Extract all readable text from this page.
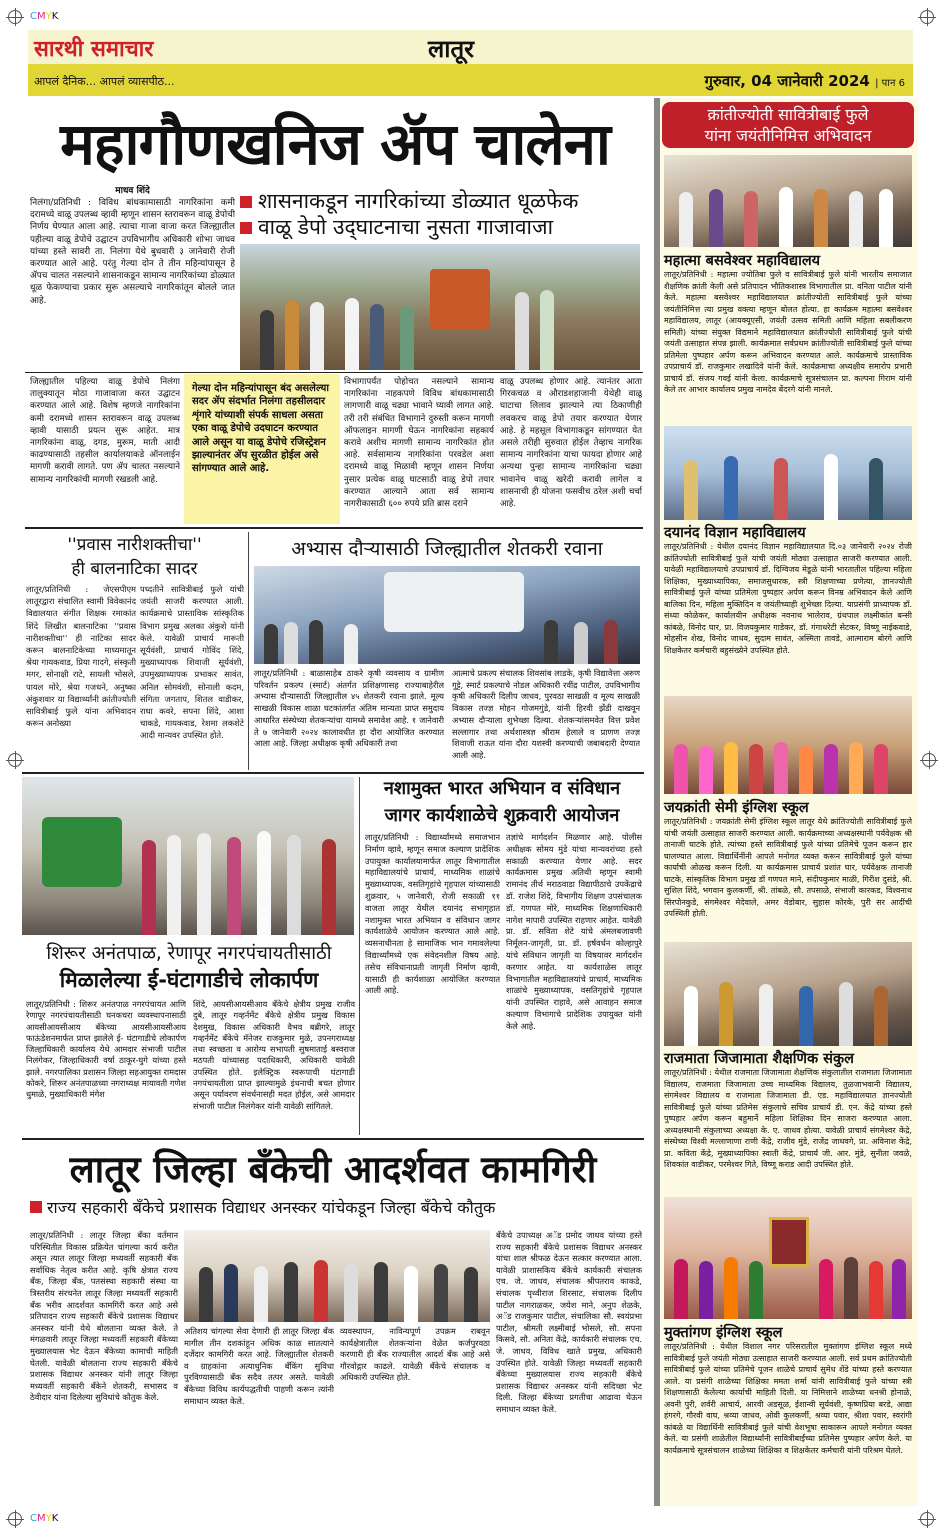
CMYK
CMYK
सारथी समाचार	लातूर
आपलं दैनिक... आपलं व्यासपीठ...	गुरुवार, 04 जानेवारी 2024 | पान 6
महागौणखनिज ॲप चालेना
माधव शिंदे
निलंगा/प्रतिनिधी : विविध बांधकामासाठी नागरिकांना कमी दरामध्ये वाळू उपलब्ध व्हावी म्हणून शासन स्तरावरून वाळू डेपोची निर्णय घेण्यात आला आहे. त्याचा गाजा वाजा करत जिल्ह्यातील पहील्या वाळू डेपोचे उद्घाटन उपविभागीय अधिकारी शोभा जाधव यांच्या हस्ते सावरी ता. निलंगा येथे बुधवारी ३ जानेवारी रोजी करण्यात आले आहे. परंतु गेल्या दोन ते तीन महिन्यांपासून हे ॲपच चालत नसल्याने शासनाकडून सामान्य नागरिकांच्या डोळ्यात धूळ फेकण्याचा प्रकार सुरू असल्याचे नागरिकांतून बोलले जात आहे.
शासनाकडून नागरिकांच्या डोळ्यात धूळफेक
वाळू डेपो उद्‌घाटनाचा नुसता गाजावाजा
जिल्ह्यातील पहिल्या वाळू डेपोचे निलंगा तालुक्यातून मोठा गाजावाजा करत उद्घाटन करण्यात आले आहे. विशेष म्हणजे नागरिकांना कमी दरामध्ये शासन स्तरावरून वाळू उपलब्ध व्हावी यासाठी प्रयत्न सुरू आहेत. मात्र नागरिकांना वाळू, दगड, मुरूम, माती आदी काढण्यासाठी तहसील कार्यालयाकडे ऑनलाईन मागणी करावी लागते. पण ॲप चालत नसल्याने सामान्य नागरिकांची मागणी रखडली आहे.
गेल्या दोन महिन्यांपासून बंद असलेल्या सदर ॲप संदर्भात निलंगा तहसीलदार शृंगारे यांच्याशी संपर्क साधला असता एका वाळू डेपोचे उदघाटन करण्यात आले असून या वाळू डेपोचे रजिस्ट्रेशन झाल्यानंतर ॲप सुरळीत होईल असे सांगण्यात आले आहे.
विभागापर्यंत पोहोचत नसल्याने सामान्य नागरिकांना नाहकपणे विविध बांधकामासाठी लागणारी वाळू चढ्या भावाने घ्यावी लागत आहे. तरी तरी संबंधित विभागाने दुरुस्ती करून मागणी ऑफलाइन मागणी घेऊन नागरिकांना सहकार्य करावे अशीच मागणी सामान्य नागरिकांत होत आहे. सर्वसामान्य नागरिकांना परवडेल अशा दरामध्ये वाळू मिळावी म्हणून शासन निर्णया नुसार प्रत्येक वाळू घाटसाठी वाळू डेपो तयार करण्यात आल्याने आता सर्व सामान्य नागरीकासाठी ६०० रुपये प्रति ब्रास दराने
वाळू उपलब्ध होणार आहे. त्यानंतर आता गिरकचळ व औराडशहाजानी येथेही वाळू घाटाचा लिलाव झाल्याने त्या ठिकाणीही लवकरच वाळू डेपो तयार करण्यात येणार आहे. हे महसूल विभागाकडून सांगण्यात येत असले तरीही सुरुवात होईल तेव्हाच नागरिक सामान्य नागरिकांना याचा फायदा होणार आहे अन्यथा पुन्हा सामान्य नागरिकांना चढ्या भावानेच वाळू खरेदी करावी लागेल व शासनाची ही योजना फसवीच ठरेल अशी चर्चा आहे.
''प्रवास नारीशक्तीचा''
ही बालनाटिका सादर
लातूर/प्रतिनिधी : जेएसपीएम लातूरद्वारा संचालित स्वामी विवेकानंद विद्यालयात संगीत शिक्षक रमाकांत शिंदे लिखीत बालनाटिका ''प्रवास नारीशक्तीचा'' ही नाटिका सादर करून बालनाटिकेच्या माध्यमातून श्रेया गायकवाड, प्रिया गादगे, संस्कृती मगर, सोनाक्षी राटे, सायली भोसले, पायल मोरे, श्रेया गजधने, अनुष्का अंकुशवार या विद्यार्थ्यांनी क्रांतीज्योती सावित्रीबाई फुले यांना अभिवादन करून अनोख्या
पध्दतीने सावित्रीबाई फुले यांची जयंती साजरी करण्यात आली. कार्यक्रमाचे प्रास्ताविक सांस्कृतिक विभाग प्रमुख अलका अंकुशे यांनी केले. यावेळी प्राचार्य मारूती सूर्यवंशी, प्राचार्य गोविंद शिंदे, मुख्याध्यापक शिवाजी सूर्यवंशी, उपमुख्याध्यापक प्रभाकर सावंत, अनिल सोमवंशी, सोनाली कदम, संगिता जगताप, शितल वाडीकर, राधा कवरे, सपना शिंदे, आशा चाकडे, गायकवाड, रेशमा लकशेटे आदी मान्यवर उपस्थित होते.
अभ्यास दौऱ्यासाठी जिल्ह्यातील शेतकरी रवाना
लातूर/प्रतिनिधी : बाळासाहेब ठाकरे कृषी व्यवसाय व ग्रामीण परिवर्तन प्रकल्प (स्मार्ट) अंतर्गत प्रशिक्षणासह राज्याबाहेरील अभ्यास दौऱ्यासाठी जिल्ह्यातील ४५ शेतकरी रवाना झाले. मूल्य साखळी विकास शाळा घटकांतर्गत अंतिम मान्यता प्राप्त समुदाय आधारित संस्थेच्या शेतकऱ्यांचा यामध्ये समावेश आहे. १ जानेवारी ते ७ जानेवारी २०२४ कालावधीत हा दौरा आयोजित करण्यात आला आहे. जिल्हा अधीक्षक कृषी अधिकारी तथा
आत्माचे प्रकल्प संचालक शिवसांब लाडके, कृषी विद्यावेत्ता अरुण गुट्टे, स्मार्ट प्रकल्पाचे नोडल अधिकारी रवींद्र पाटील, उपविभागीय कृषी अधिकारी दिलीप जाधव, पुरवठा साखळी व मूल्य साखळी विकास तज्ज्ञ मोहन गोजमगुंडे, यांनी हिरवी झेंडी दाखवून अभ्यास दौऱ्याला शुभेच्छा दिल्या. शेतकऱ्यांसमवेत वित्त प्रवेश सल्लागार तथा अर्थशास्त्रज्ञ श्रीराम हेलाले व प्राणण तज्ज्ञ शिवाजी राऊत यांना दौरा यशस्वी करण्याची जबाबदारी देण्यात आली आहे.
शिरूर अनंतपाळ, रेणापूर नगरपंचायतीसाठी
मिळालेल्या ई-घंटागाडीचे लोकार्पण
लातूर/प्रतिनिधी : शिरूर अनंतपाळ नगरपंचायत आणि रेणापूर नगरपंचायतीसाठी घनकचरा व्यवस्थापनासाठी आयसीआयसीआय बँकेच्या आयसीआयसीआय फाऊंडेशनमार्फत प्राप्त झालेले ई- घंटागाडीचे लोकार्पण जिल्हाधिकारी कार्यालय येथे आमदार संभाजी पाटील निलंगेकर, जिल्हाधिकारी वर्षा ठाकूर-घुगे यांच्या हस्ते झाले. नगरपालिका प्रशासन जिल्हा सहआयुक्त रामदास कोकरे, शिरूर अनंतपाळच्या नगराध्यक्ष मायावती गणेश धुमाळे, मुख्याधिकारी मंगेश
शिंदे, आयसीआयसीआय बँकेचे क्षेत्रीय प्रमुख राजीव दुबे, लातूर गव्हर्नमेंट बँकेचे क्षेत्रीय प्रमुख विकास देशमुख, विकास अधिकारी वैभव बब्रीगरे, लातूर गव्हर्नमेंट बँकेचे मॅनेजर राजकुमार मुळे, उपनगराध्यक्ष तथा स्वच्छता व आरोग्य सभापती सुषमाताई बस्वराज मठपती यांच्यासह पदाधिकारी, अधिकारी यावेळी उपस्थित होते. इलेक्ट्रिक स्वरूपाची घंटागाडी नगपंचायतीला प्राप्त झाल्यामुळे इंधनाची बचत होणार असून पर्यावरण संवर्धनासही मदत होईल, असे आमदार संभाजी पाटील निलंगेकर यांनी यावेळी सांगितले.
नशामुक्त भारत अभियान व संविधान
जागर कार्यशाळेचे शुक्रवारी आयोजन
लातूर/प्रतिनिधी : विद्यार्थ्यांमध्ये समाजभान निर्माण व्हावे, म्हणून समाज कल्याण प्रादेशिक उपायुक्त कार्यालयामार्फत लातूर विभागातील महाविद्यालयांचे प्राचार्य, माध्यमिक शाळांचे मुख्याध्यापक, वसतिगृहांचे गृहपाल यांच्यासाठी शुक्रवार, ५ जानेवारी, रोजी सकाळी ११ वाजता लातूर येथील दयानंद सभागृहात नशामुक्त भारत अभियान व संविधान जागर कार्यशाळेचे आयोजन करण्यात आले आहे. व्यसनाधीनता हे सामाजिक भान गमावलेल्या विद्यार्थ्यांमध्ये एक संवेदनशील विषय आहे. तसेच संविधानाप्रती जागृती निर्माण व्हावी, यासाठी ही कार्यशाळा आयोजित करण्यात आली आहे.
तज्ञांचे मार्गदर्शन मिळणार आहे. पोलीस अधीक्षक सोमय मुंडे यांचा मान्यवरांच्या हस्ते सकाळी करण्यात येणार आहे. सदर कार्यक्रमास प्रमुख अतिथी म्हणून स्वामी रामानंद तीर्थ मराठवाडा विद्यापीठाचे उपकेंद्राचे डॉ. राजेश शिंदे, विभागीय शिक्षण उपसंचालक डॉ. गणपत मोरे, माध्यमिक शिक्षणाधिकारी नागेश मापारी उपस्थित राहणार आहेत. यावेळी प्रा. डॉ. सविता शेटे यांचे अंमलबजावणी निर्मूलन-जागृती, प्रा. डॉ. हर्षवर्धन कोल्हापुरे यांचे संविधान जागृती या विषयावर मार्गदर्शन करणार आहेत. या कार्यशाळेस लातूर विभागातील महाविद्यालयांचे प्राचार्य, माध्यमिक शाळांचे मुख्याध्यापक, वसतिगृहांचे गृहपाल यांनी उपस्थित राहावे, असे आवाहन समाज कल्याण विभागाचे प्रादेशिक उपायुक्त यांनी केले आहे.
लातूर जिल्हा बँकेची आदर्शवत कामगिरी
राज्य सहकारी बँकेचे प्रशासक विद्याधर अनस्कर यांचेकडून जिल्हा बँकेचे कौतुक
लातूर/प्रतिनिधी : लातूर जिल्हा बँका वर्तमान परिस्थितीत विकास प्रक्रियेत चांगल्या कार्य करीत असून त्यात लातूर जिल्हा मध्यवर्ती सहकारी बँक सर्वाधिक नेतृत्व करीत आहे. कृषि क्षेत्रात राज्य बँक, जिल्हा बँक, पतसंस्था सहकारी संस्था या त्रिस्तरीय संरचनेत लातूर जिल्हा मध्यवर्ती सहकारी बँक भरीव आदर्शवत कामगिरी करत आहे असे प्रतिपादन राज्य सहकारी बँकेचे प्रशासक विद्याधर अनस्कर यांनी येथे बोलताना व्यक्त केले. ते मंगळवारी लातूर जिल्हा मध्यवर्ती सहकारी बँकेच्या मुख्यालयास भेट देऊन बँकेच्या कामाची माहिती घेतली. यावेळी बोलताना राज्य सहकारी बँकेचे प्रशासक विद्याधर अनस्कर यांनी लातूर जिल्हा मध्यवर्ती सहकारी बँकेने शेतकरी, सभासद व ठेवीदार यांना दिलेल्या सुविधांचे कौतुक केले.
अतिशय चांगल्या सेवा देणारी ही लातूर जिल्हा बँक मागील तीन दशकांहून अधिक काळ सातत्याने दर्जेदार कामगिरी करत आहे. जिल्ह्यातील शेतकरी व ग्राहकांना अत्याधुनिक बँकिंग सुविधा पुरविण्यासाठी बँक सदैव तत्पर असते. यावेळी बँकेच्या विविध कार्यपद्धतीची पाहणी करून त्यांनी समाधान व्यक्त केले.
व्यवस्थापन, नाविन्यपूर्ण उपक्रम राबवून कार्यक्षेत्रातील शेतकऱ्यांना वेळेत कर्जपुरवठा करणारी ही बँक राज्यातील आदर्श बँक आहे असे गौरवोद्गार काढले. यावेळी बँकेचे संचालक व अधिकारी उपस्थित होते.
बँकेचे उपाध्यक्ष अॅड प्रमोद जाधव यांच्या हस्ते राज्य सहकारी बँकेचे प्रशासक विद्याधर अनस्कर यांचा शाल श्रीफळ देऊन सत्कार करण्यात आला. यावेळी प्राशासकिय बँकेचे कार्यकारी संचालक एच. जे. जाधव, संचालक श्रीपतराव काकडे, संचालक पृथ्वीराज शिरसाट, संचालक दिलीप पाटील नागराळकर, जयेश माने, अनुप शेळके, अॅड राजकुमार पाटील, संचालिका सौ. स्वयंप्रभा पाटील, श्रीमती लक्ष्मीबाई भोसले, सौ. सपना किसवे, सौ. अनिता केंद्रे, कार्यकारी संचालक एच. जे. जाधव, विविध खाते प्रमुख, अधिकारी उपस्थित होते. यावेळी जिल्हा मध्यवर्ती सहकारी बँकेच्या मुख्यालयास राज्य सहकारी बँकेचे प्रशासक विद्याधर अनस्कर यांनी सदिच्छा भेट दिली. जिल्हा बँकेच्या प्रगतीचा आढावा घेऊन समाधान व्यक्त केले.
क्रांतीज्योती सावित्रीबाई फुले
यांना जयंतीनिमित्त अभिवादन
महात्मा बसवेश्वर महाविद्यालय
लातूर/प्रतिनिधी : महात्मा ज्योतिबा फुले व सावित्रीबाई फुले यांनी भारतीय समाजात शैक्षणिक क्रांती केली असे प्रतिपादन भौतिकशास्त्र विभागातील प्रा. वनिता पाटील यांनी केले. महात्मा बसवेश्वर महाविद्यालयात क्रांतीज्योती सावित्रीबाई फुले यांच्या जयंतीनिमित्त त्या प्रमुख वक्त्या म्हणून बोलत होत्या. हा कार्यक्रम महात्मा बसवेश्वर महाविद्यालय, लातूर (आयक्यूएसी, जयंती उत्सव समिती आणि महिला सबलीकरण समिती) यांच्या संयुक्त विद्यमाने महाविद्यालयात क्रांतीज्योती सावित्रीबाई फुले यांची जयंती उत्साहात संपन्न झाली. कार्यक्रमात सर्वप्रथम क्रांतीज्योती सावित्रीबाई फुले यांच्या प्रतिमेला पुष्पहार अर्पण करून अभिवादन करण्यात आले. कार्यक्रमाचे प्रास्ताविक उपप्राचार्य डॉ. राजकुमार लखादिवे यांनी केले. कार्यक्रमाचा अध्यक्षीय समारोप प्रभारी प्राचार्य डॉ. संजय गवई यांनी केला. कार्यक्रमाचे सूत्रसंचालन प्रा. कल्पना गिराम यांनी केले तर आभार कार्यालय प्रमुख नामदेव बेंदरगे यांनी मानले.
दयानंद विज्ञान महाविद्यालय
लातूर/प्रतिनिधी : येथील दयानंद विज्ञान महाविद्यालयात दि.०३ जानेवारी २०२४ रोजी क्रांतिज्योती सावित्रीबाई फुले यांची जयंती मोठ्या उत्साहात साजरी करण्यात आली. यावेळी महाविद्यालयाचे उपप्राचार्य डॉ. दिग्विजय मेडूळे यांनी भारतातील पहिल्या महिला शिक्षिका, मुख्याध्यापिका, समाजसुधारक, स्त्री शिक्षणाच्या प्रणेत्या, ज्ञानज्योती सावित्रीबाई फुले यांच्या प्रतिमेला पुष्पहार अर्पण करून विनम्र अभिवादन केले आणि बालिका दिन, महिला मुक्तिदिन व जयंतीच्याही शुभेच्छा दिल्या. याप्रसंगी प्राध्यापक डॉ. संध्या कोळेकर, कार्यालयीन अधीक्षक नवनाथ भालेराव, ग्रंथपाल लक्ष्मीकांत बन्सी कांबळे, विनोद घार, प्रा. विजयकुमार गाडेकर, डॉ. गंगाधरेटी सेटकर, विष्णू नाईकवाडे, मोहसीन शेख, विनोद जाधव, सुदाम सावंत, अस्मिता तावडे, आत्माराम बोरगे आणि शिक्षकेतर कर्मचारी बहुसंख्येने उपस्थित होते.
जयक्रांती सेमी इंग्लिश स्कूल
लातूर/प्रतिनिधी : जयक्रांती सेमी इंग्लिश स्कूल लातूर येथे क्रांतिज्योती सावित्रीबाई फुले यांची जयंती उत्साहात साजरी करण्यात आली. कार्यक्रमाच्या अध्यक्षस्थानी पर्यवेक्षक श्री तानाजी घाटके होते. त्यांच्या हस्ते सावित्रीबाई फुले यांच्या प्रतिमेचे पूजन करून हार घालण्यात आला. विद्यार्थिनींनी आपले मनोगत व्यक्त करून सावित्रीबाई फुले यांच्या कार्याची ओळख करून दिली. या कार्यक्रमास प्राचार्य प्रशांत घार, पर्यवेक्षक तानाजी घाटके, सांस्कृतिक विभाग प्रमुख डॉ गणपत माने, संदीपकुमार माळी, गिरीश दुसंडे, श्री. सुशिल शिंदे, भगवान कुलकर्णी, श्री. तांबळे, सौ. तपसाळे, संभाजी कारकड, विश्वनाथ सिरपोनकुडे, संगमेश्वर मेदेवाले, अमर वेडोबार, सुहास कोरके, पुरी सर आदींची उपस्थिती होती.
राजमाता जिजामाता शैक्षणिक संकुल
लातूर/प्रतिनिधी : येथील राजमाता जिजामाता शैक्षणिक संकुलातील राजमाता जिजामाता विद्यालय, राजमाता जिजामाता उच्च माध्यमिक विद्यालय, तुळजाभवानी विद्यालय, संगमेश्वर विद्यालय व राजमाता जिजामाता डी. एड. महाविद्यालयात ज्ञानज्योती सावित्रीबाई फुले यांच्या प्रतिमेस संकुलाचे सचिव प्राचार्य डी. एन. केंद्रे यांच्या हस्ते पुष्पहार अर्पण करून बहुमार्ने महिला शिक्षिका दिन साजरा करण्यात आला. अध्यक्षस्थानी संकुलाच्या अध्यक्षा के. ए. जाधव होत्या. यावेळी प्राचार्य संगमेश्वर केंद्रे, संस्थेच्या विश्वी मल्लाणाणा राणी केंद्रे, राजीव मुंडे, राजेंद्र जाधवगे, प्रा. अविनाश केंद्रे, प्रा. कविता केंद्रे, मुख्याध्यापिका स्वाती केंद्रे, प्राचार्य जी. आर. मुंडे, सुनीता जवळे, शिवकांत वाडीकर, परमेश्वर गिते, विष्णू कराड आदी उपस्थित होते.
मुक्तांगण इंग्लिश स्कूल
लातूर/प्रतिनिधी : येथील विशाल नगर परिसरातील मुक्तांगण इंग्लिश स्कूल मध्ये सावित्रीबाई फुले जयंती मोठ्या उत्साहात साजरी करण्यात आली. सर्व प्रथम क्रांतिज्योती सावित्रीबाई फुले यांच्या प्रतिमेचे पूजन शाळेचे प्राचार्य सुमेध शेंडे यांच्या हस्ते करण्यात आले. या प्रसंगी शाळेच्या शिक्षिका ममता शर्मा यांनी सावित्रीबाई फुले यांच्या स्त्री शिक्षणासाठी केलेल्या कार्याची माहिती दिली. या निमित्ताने शाळेच्या धनश्री होनाळे, अवनी पुरी, शर्वरी आचार्य, आरवी अडसूळ, ईशान्वी सूर्यवंशी, कृष्णप्रिया बरडे, आद्या हंगरगे, गौरवी वाघ, श्रव्या जाधव, ओवी कुलकर्णी, श्रव्या पवार, श्रीशा पवार, स्वरांगी कांबळे या विद्यार्थिनी सावित्रीबाई फुले यांची वेशभूषा साकारून आपले मनोगत व्यक्त केले. या प्रसंगी शाळेतील विद्यार्थ्यांनी सावित्रीबाईंच्या प्रतिमेस पुष्पहार अर्पण केले. या कार्यक्रमाचे सूत्रसंचालन शाळेच्या शिक्षिका व शिक्षकेतर कर्मचारी यांनी परिश्रम घेतले.
